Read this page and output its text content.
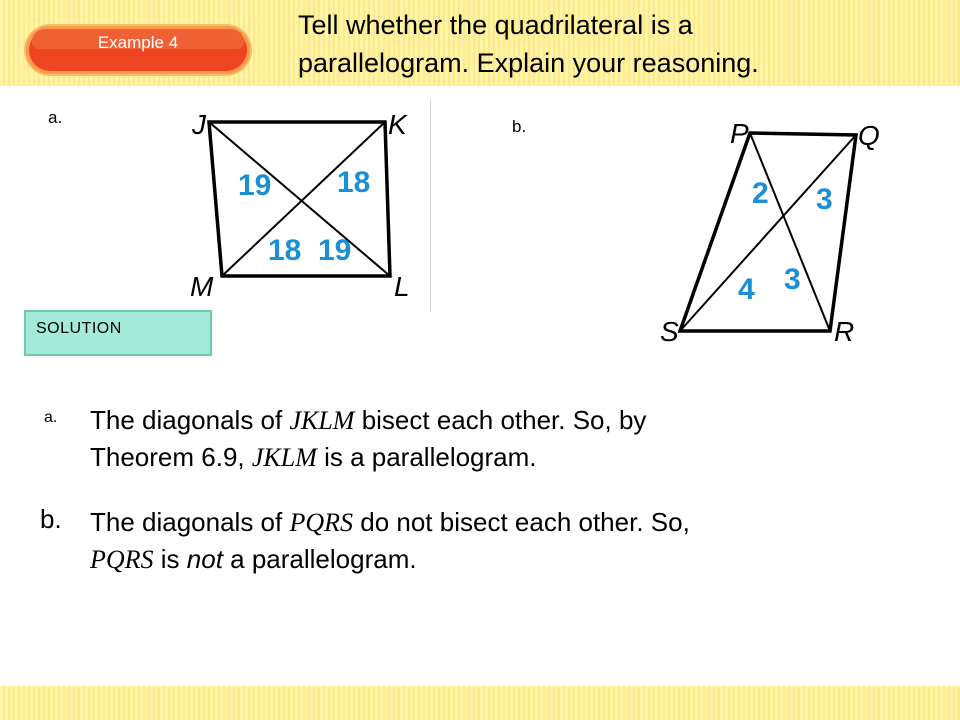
Example 4
Tell whether the quadrilateral is a
parallelogram. Explain your reasoning.
a.	b.
J	K
L
M
19 18
18 19
P	Q
R
S
2 3
4 3
SOLUTION
a. The diagonals of JKLM bisect each other. So, by
Theorem 6.9, JKLM is a parallelogram.
b. The diagonals of PQRS do not bisect each other. So,
PQRS is not a parallelogram.
